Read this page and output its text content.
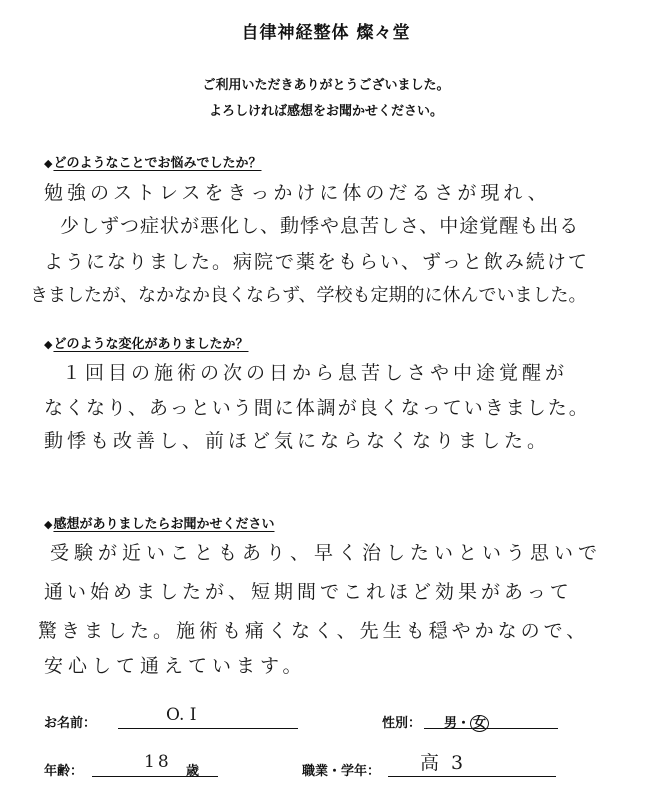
自律神経整体 燦々堂
ご利用いただきありがとうございました。
よろしければ感想をお聞かせください。
◆どのようなことでお悩みでしたか？
勉強のストレスをきっかけに体のだるさが現れ、
少しずつ症状が悪化し、動悸や息苦しさ、中途覚醒も出る
ようになりました。病院で薬をもらい、ずっと飲み続けて
きましたが、なかなか良くならず、学校も定期的に休んでいました。
◆どのような変化がありましたか？
１回目の施術の次の日から息苦しさや中途覚醒が
なくなり、あっという間に体調が良くなっていきました。
動悸も改善し、前ほど気にならなくなりました。
◆感想がありましたらお聞かせください
受験が近いこともあり、早く治したいという思いで
通い始めましたが、短期間でこれほど効果があって
驚きました。施術も痛くなく、先生も穏やかなので、
安心して通えています。
お名前：	O. I	性別： 男・ 女
年齢：	18 歳	職業・学年： 高 3
